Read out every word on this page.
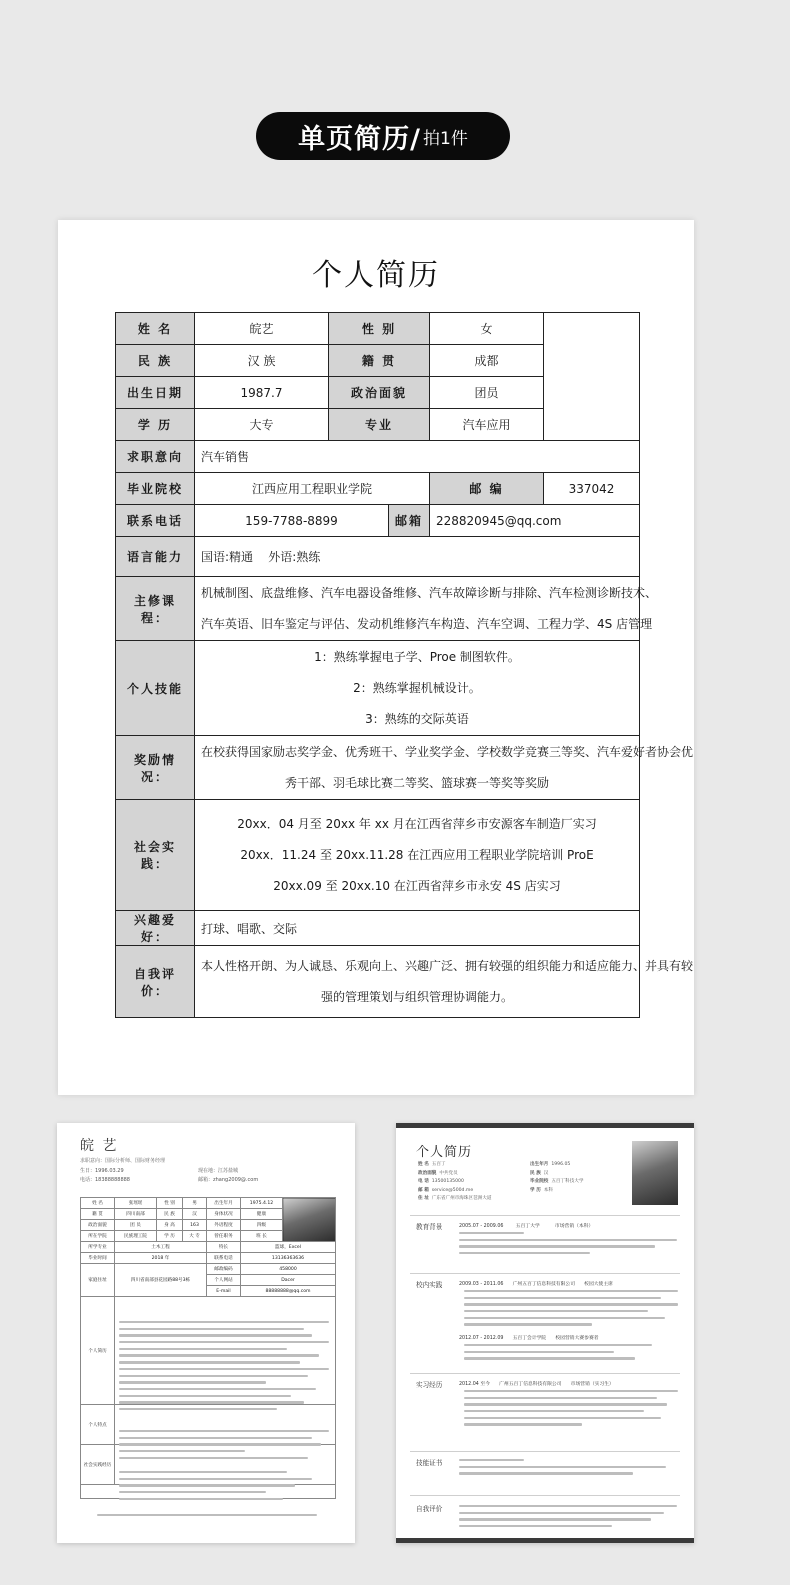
单页简历/ 拍1件
个人简历
姓 名	皖艺	性 别		女	
民 族	汉 族	籍 贯		成都	
出生日期	1987.7	政治面貌		团员	
学 历	大专	专业		汽车应用	
求职意向	汽车销售				
毕业院校	江西应用工程职业学院			邮 编	337042
联系电话	159-7788-8899		邮箱	228820945@qq.com	
语言能力	国语:精通    外语:熟练				
主修课程：	机械制图、底盘维修、汽车电器设备维修、汽车故障诊断与排除、汽车检测诊断技术、
汽车英语、旧车鉴定与评估、发动机维修汽车构造、汽车空调、工程力学、4S 店管理				

个人技能	1：熟练掌握电子学、Proe 制图软件。
2：熟练掌握机械设计。
3：熟练的交际英语				

奖励情况：	在校获得国家励志奖学金、优秀班干、学业奖学金、学校数学竞赛三等奖、汽车爱好者协会优
秀干部、羽毛球比赛二等奖、篮球赛一等奖等奖励				

社会实践：	20xx．04 月至 20xx 年 xx 月在江西省萍乡市安源客车制造厂实习
20xx．11.24 至 20xx.11.28 在江西应用工程职业学院培训 ProE
20xx.09 至 20xx.10 在江西省萍乡市永安 4S 店实习				

兴趣爱好：	打球、唱歌、交际				
自我评价：	本人性格开朗、为人诚恳、乐观向上、兴趣广泛、拥有较强的组织能力和适应能力、并具有较
强的管理策划与组织管理协调能力。				
皖 艺
求职意向：国际分析师、国际财务经理
生日：1996.03.29	现在地：江苏盐城
电话：18388888888	邮箱：zhang2009@.com
姓 名	张瑶瑶	性 别	男	出生年月	1975.4.12	
籍 贯	四川南部	民 族	汉	身体状况	健康	
政治面貌	团 员	身 高	163	外语程度	四级	
所在学院	民族理工院	学 历	大 专	曾任职务	班 长	
所学专业	土木工程			特长	篮球，Excel	
毕业时间	2018 年			联系电话	13136363636	
家庭住址	四川省南部县花园路88号3栋			邮政编码	458000	
				个人网站	Dacer	
				E-mail	88888888@qq.com	
个人简历						
个人特点						
社会实践经历						

个人简历
姓 名 五百丁	出生年月 1996.05
政治面貌 中共党员	民 族 汉
电 话 13500135000	毕业院校 五百丁科技大学
邮 箱 service@500d.me	学 历 本科
住 址 广东省广州市海珠区琶洲大道
教育背景	2005.07 - 2009.06	五百丁大学	市场营销（本科）
校内实践	2009.03 - 2011.06 广州五百丁信息科技有限公司 校园大使主席
2012.07 - 2012.09 五百丁会计学院 校园营销大赛参赛者
实习经历	2012.04 至今 广州五百丁信息科技有限公司 市场营销（实习生）
技能证书
自我评价
